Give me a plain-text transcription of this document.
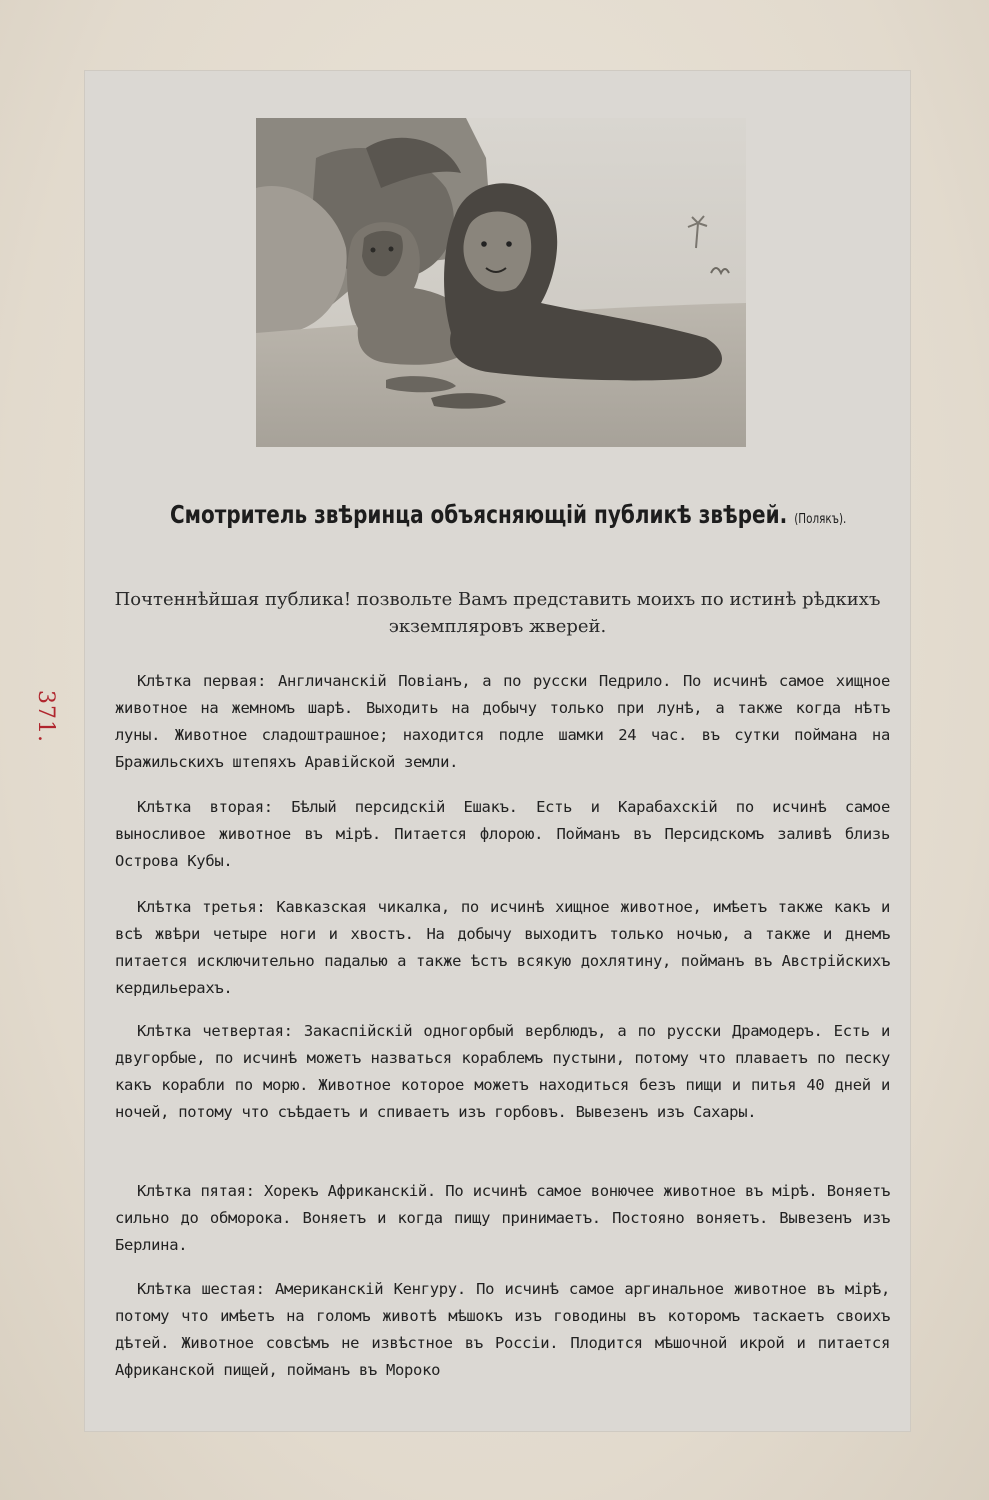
371.
Смотритель звѣринца объясняющій публикѣ звѣрей. (Полякъ).
Почтеннѣйшая публика! позвольте Вамъ представить моихъ по истинѣ рѣдкихъ экземпляровъ жверей.
Клѣтка первая: Англичанскій Повіанъ, а по русски Педрило. По исчинѣ самое хищное животное на жемномъ шарѣ. Выходить на добычу только при лунѣ, а также когда нѣтъ луны. Животное сладоштрашное; находится подле шамки 24 час. въ сутки поймана на Бражильскихъ штепяхъ Аравійской земли.
Клѣтка вторая: Бѣлый персидскій Ешакъ. Есть и Карабахскій по исчинѣ самое выносливое животное въ мірѣ. Питается флорою. Пойманъ въ Персидскомъ заливѣ близь Острова Кубы.
Клѣтка третья: Кавказская чикалка, по исчинѣ хищное животное, имѣетъ также какъ и всѣ жвѣри четыре ноги и хвостъ. На добычу выходитъ только ночью, а также и днемъ питается исключительно падалью а также ѣстъ всякую дохлятину, пойманъ въ Австрійскихъ кердильерахъ.
Клѣтка четвертая: Закаспійскій одногорбый верблюдъ, а по русски Драмодеръ. Есть и двугорбые, по исчинѣ можетъ назваться кораблемъ пустыни, потому что плаваетъ по песку какъ корабли по морю. Животное которое можетъ находиться безъ пищи и питья 40 дней и ночей, потому что съѣдаетъ и спиваетъ изъ горбовъ. Вывезенъ изъ Сахары.
Клѣтка пятая: Хорекъ Африканскій. По исчинѣ самое вонючее животное въ мірѣ. Воняетъ сильно до обморока. Воняетъ и когда пищу принимаетъ. Постояно воняетъ. Вывезенъ изъ Берлина.
Клѣтка шестая: Американскій Кенгуру. По исчинѣ самое аргинальное животное въ мірѣ, потому что имѣетъ на голомъ животѣ мѣшокъ изъ говодины въ которомъ таскаетъ своихъ дѣтей. Животное совсѣмъ не извѣстное въ Россіи. Плодится мѣшочной икрой и питается Африканской пищей, пойманъ въ Мороко
